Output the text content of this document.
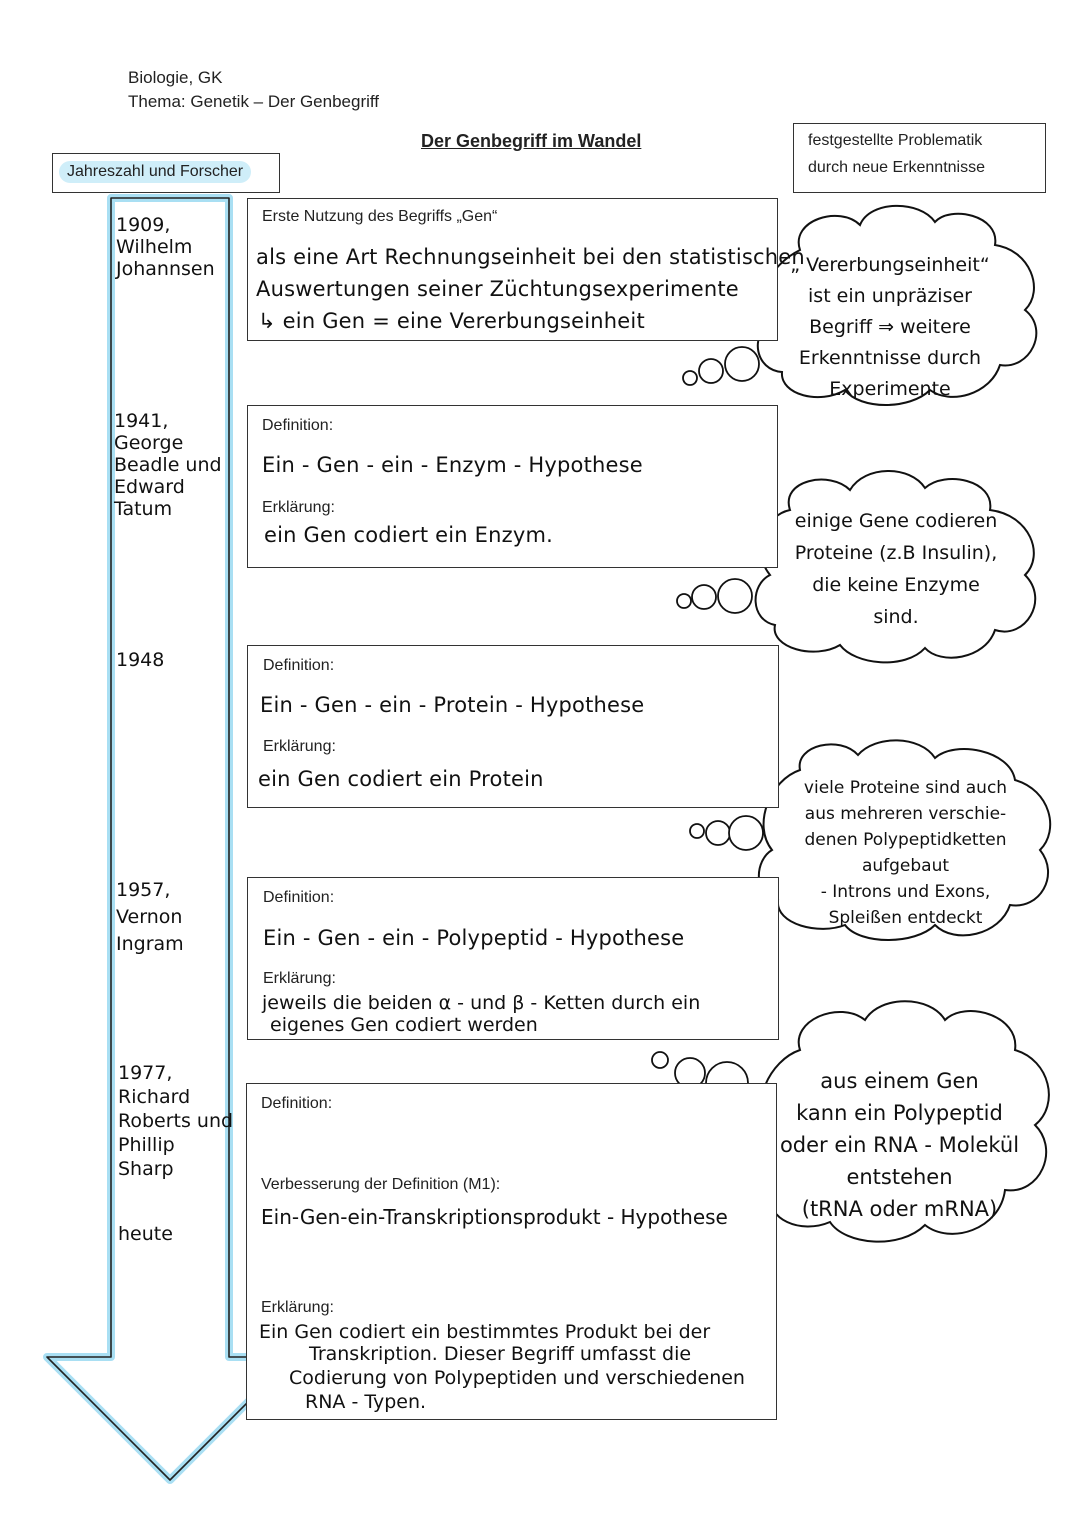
Biologie, GK
Thema: Genetik – Der Genbegriff
Der Genbegriff im Wandel
Jahreszahl und Forscher
festgestellte Problematik
durch neue Erkenntnisse
1909,
Wilhelm
Johannsen
1941,
George
Beadle und
Edward
Tatum
1948
1957,
Vernon
Ingram
1977,
Richard
Roberts und
Phillip
Sharp
heute
Erste Nutzung des Begriffs „Gen“
als eine Art Rechnungseinheit bei den statistischen
Auswertungen seiner Züchtungsexperimente
↳ ein Gen = eine Vererbungseinheit
Definition:
Ein - Gen - ein - Enzym - Hypothese
Erklärung:
ein Gen codiert ein Enzym.
Definition:
Ein - Gen - ein - Protein - Hypothese
Erklärung:
ein Gen codiert ein Protein
Definition:
Ein - Gen - ein - Polypeptid - Hypothese
Erklärung:
jeweils die beiden α - und β - Ketten durch ein
eigenes Gen codiert werden
Definition:
Verbesserung der Definition (M1):
Ein-Gen-ein-Transkriptionsprodukt - Hypothese
Erklärung:
Ein Gen codiert ein bestimmtes Produkt bei der
Transkription. Dieser Begriff umfasst die
Codierung von Polypeptiden und verschiedenen
RNA - Typen.
„ Vererbungseinheit“
ist ein unpräziser
Begriff ⇒ weitere
Erkenntnisse durch
Experimente
einige Gene codieren
Proteine (z.B Insulin),
die keine Enzyme
sind.
viele Proteine sind auch
aus mehreren verschie-
denen Polypeptidketten
aufgebaut
- Introns und Exons,
Spleißen entdeckt
aus einem Gen
kann ein Polypeptid
oder ein RNA - Molekül
entstehen
(tRNA oder mRNA)
